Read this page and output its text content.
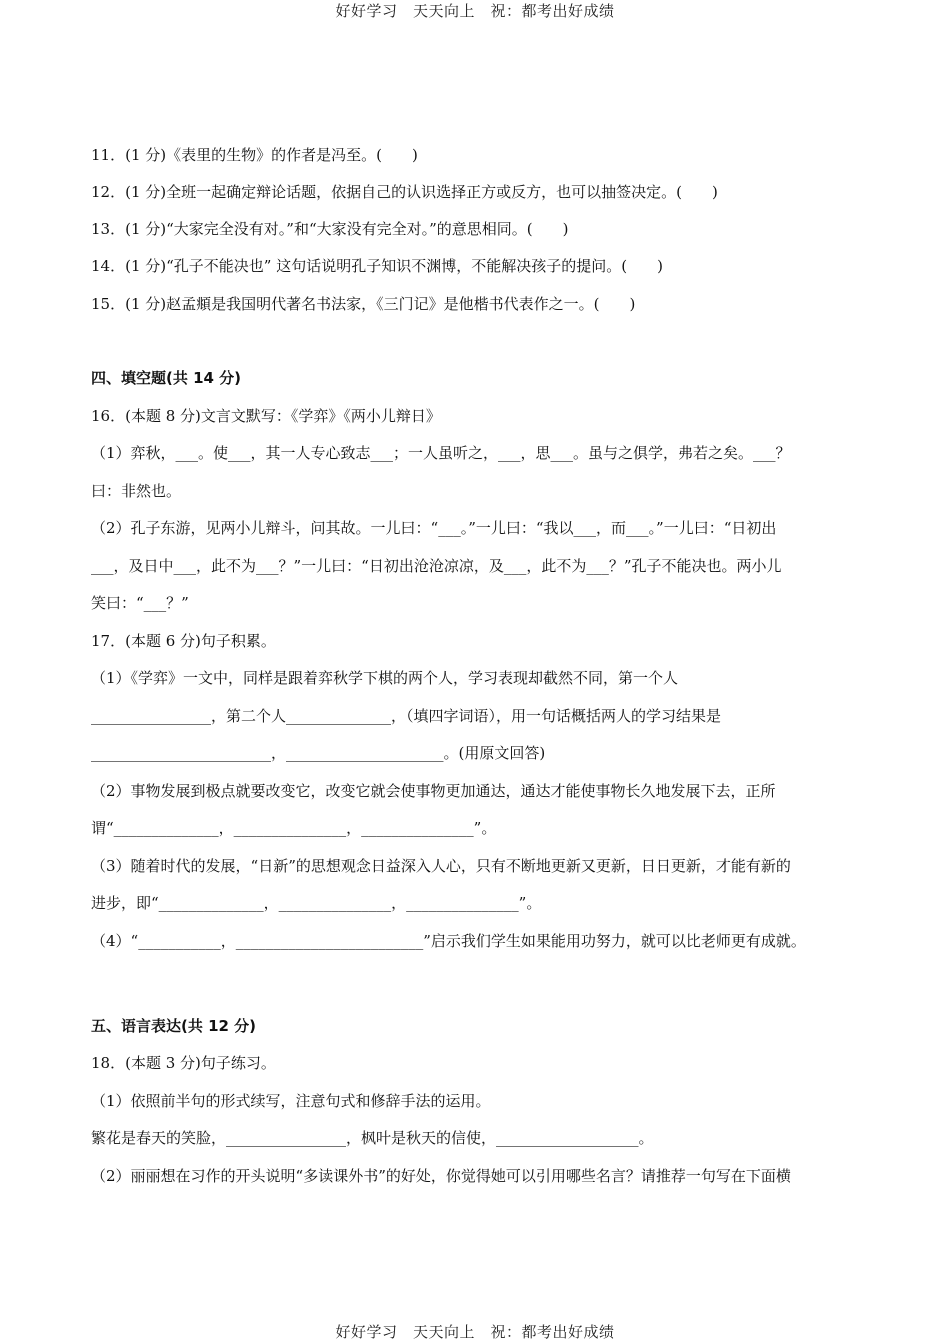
好好学习　天天向上　祝：都考出好成绩
11．(1 分)《表里的生物》的作者是冯至。(　　)
12．(1 分)全班一起确定辩论话题，依据自己的认识选择正方或反方，也可以抽签决定。(　　)
13．(1 分)“大家完全没有对。”和“大家没有完全对。”的意思相同。(　　)
14．(1 分)“孔子不能决也” 这句话说明孔子知识不渊博，不能解决孩子的提问。(　　)
15．(1 分)赵孟頫是我国明代著名书法家，《三门记》是他楷书代表作之一。(　　)
四、填空题(共 14 分)
16．(本题 8 分)文言文默写：《学弈》《两小儿辩日》
（1）弈秋，___。使___，其一人专心致志___；一人虽听之，___，思___。虽与之俱学，弗若之矣。___？
曰：非然也。
（2）孔子东游，见两小儿辩斗，问其故。一儿曰：“___。”一儿曰：“我以___，而___。”一儿曰：“日初出
___，及日中___，此不为___？”一儿曰：“日初出沧沧凉凉，及___，此不为___？”孔子不能决也。两小儿
笑曰：“___？”
17．(本题 6 分)句子积累。
（1）《学弈》一文中，同样是跟着弈秋学下棋的两个人，学习表现却截然不同，第一个人
________________，第二个人______________，（填四字词语），用一句话概括两人的学习结果是
________________________，_____________________。(用原文回答)
（2）事物发展到极点就要改变它，改变它就会使事物更加通达，通达才能使事物长久地发展下去，正所
谓“______________，_______________，_______________”。
（3）随着时代的发展，“日新”的思想观念日益深入人心，只有不断地更新又更新，日日更新，才能有新的
进步，即“______________，_______________，_______________”。
（4）“___________，_________________________”启示我们学生如果能用功努力，就可以比老师更有成就。
五、语言表达(共 12 分)
18．(本题 3 分)句子练习。
（1）依照前半句的形式续写，注意句式和修辞手法的运用。
繁花是春天的笑脸，________________，枫叶是秋天的信使，___________________。
（2）丽丽想在习作的开头说明“多读课外书”的好处，你觉得她可以引用哪些名言？请推荐一句写在下面横
好好学习　天天向上　祝：都考出好成绩
